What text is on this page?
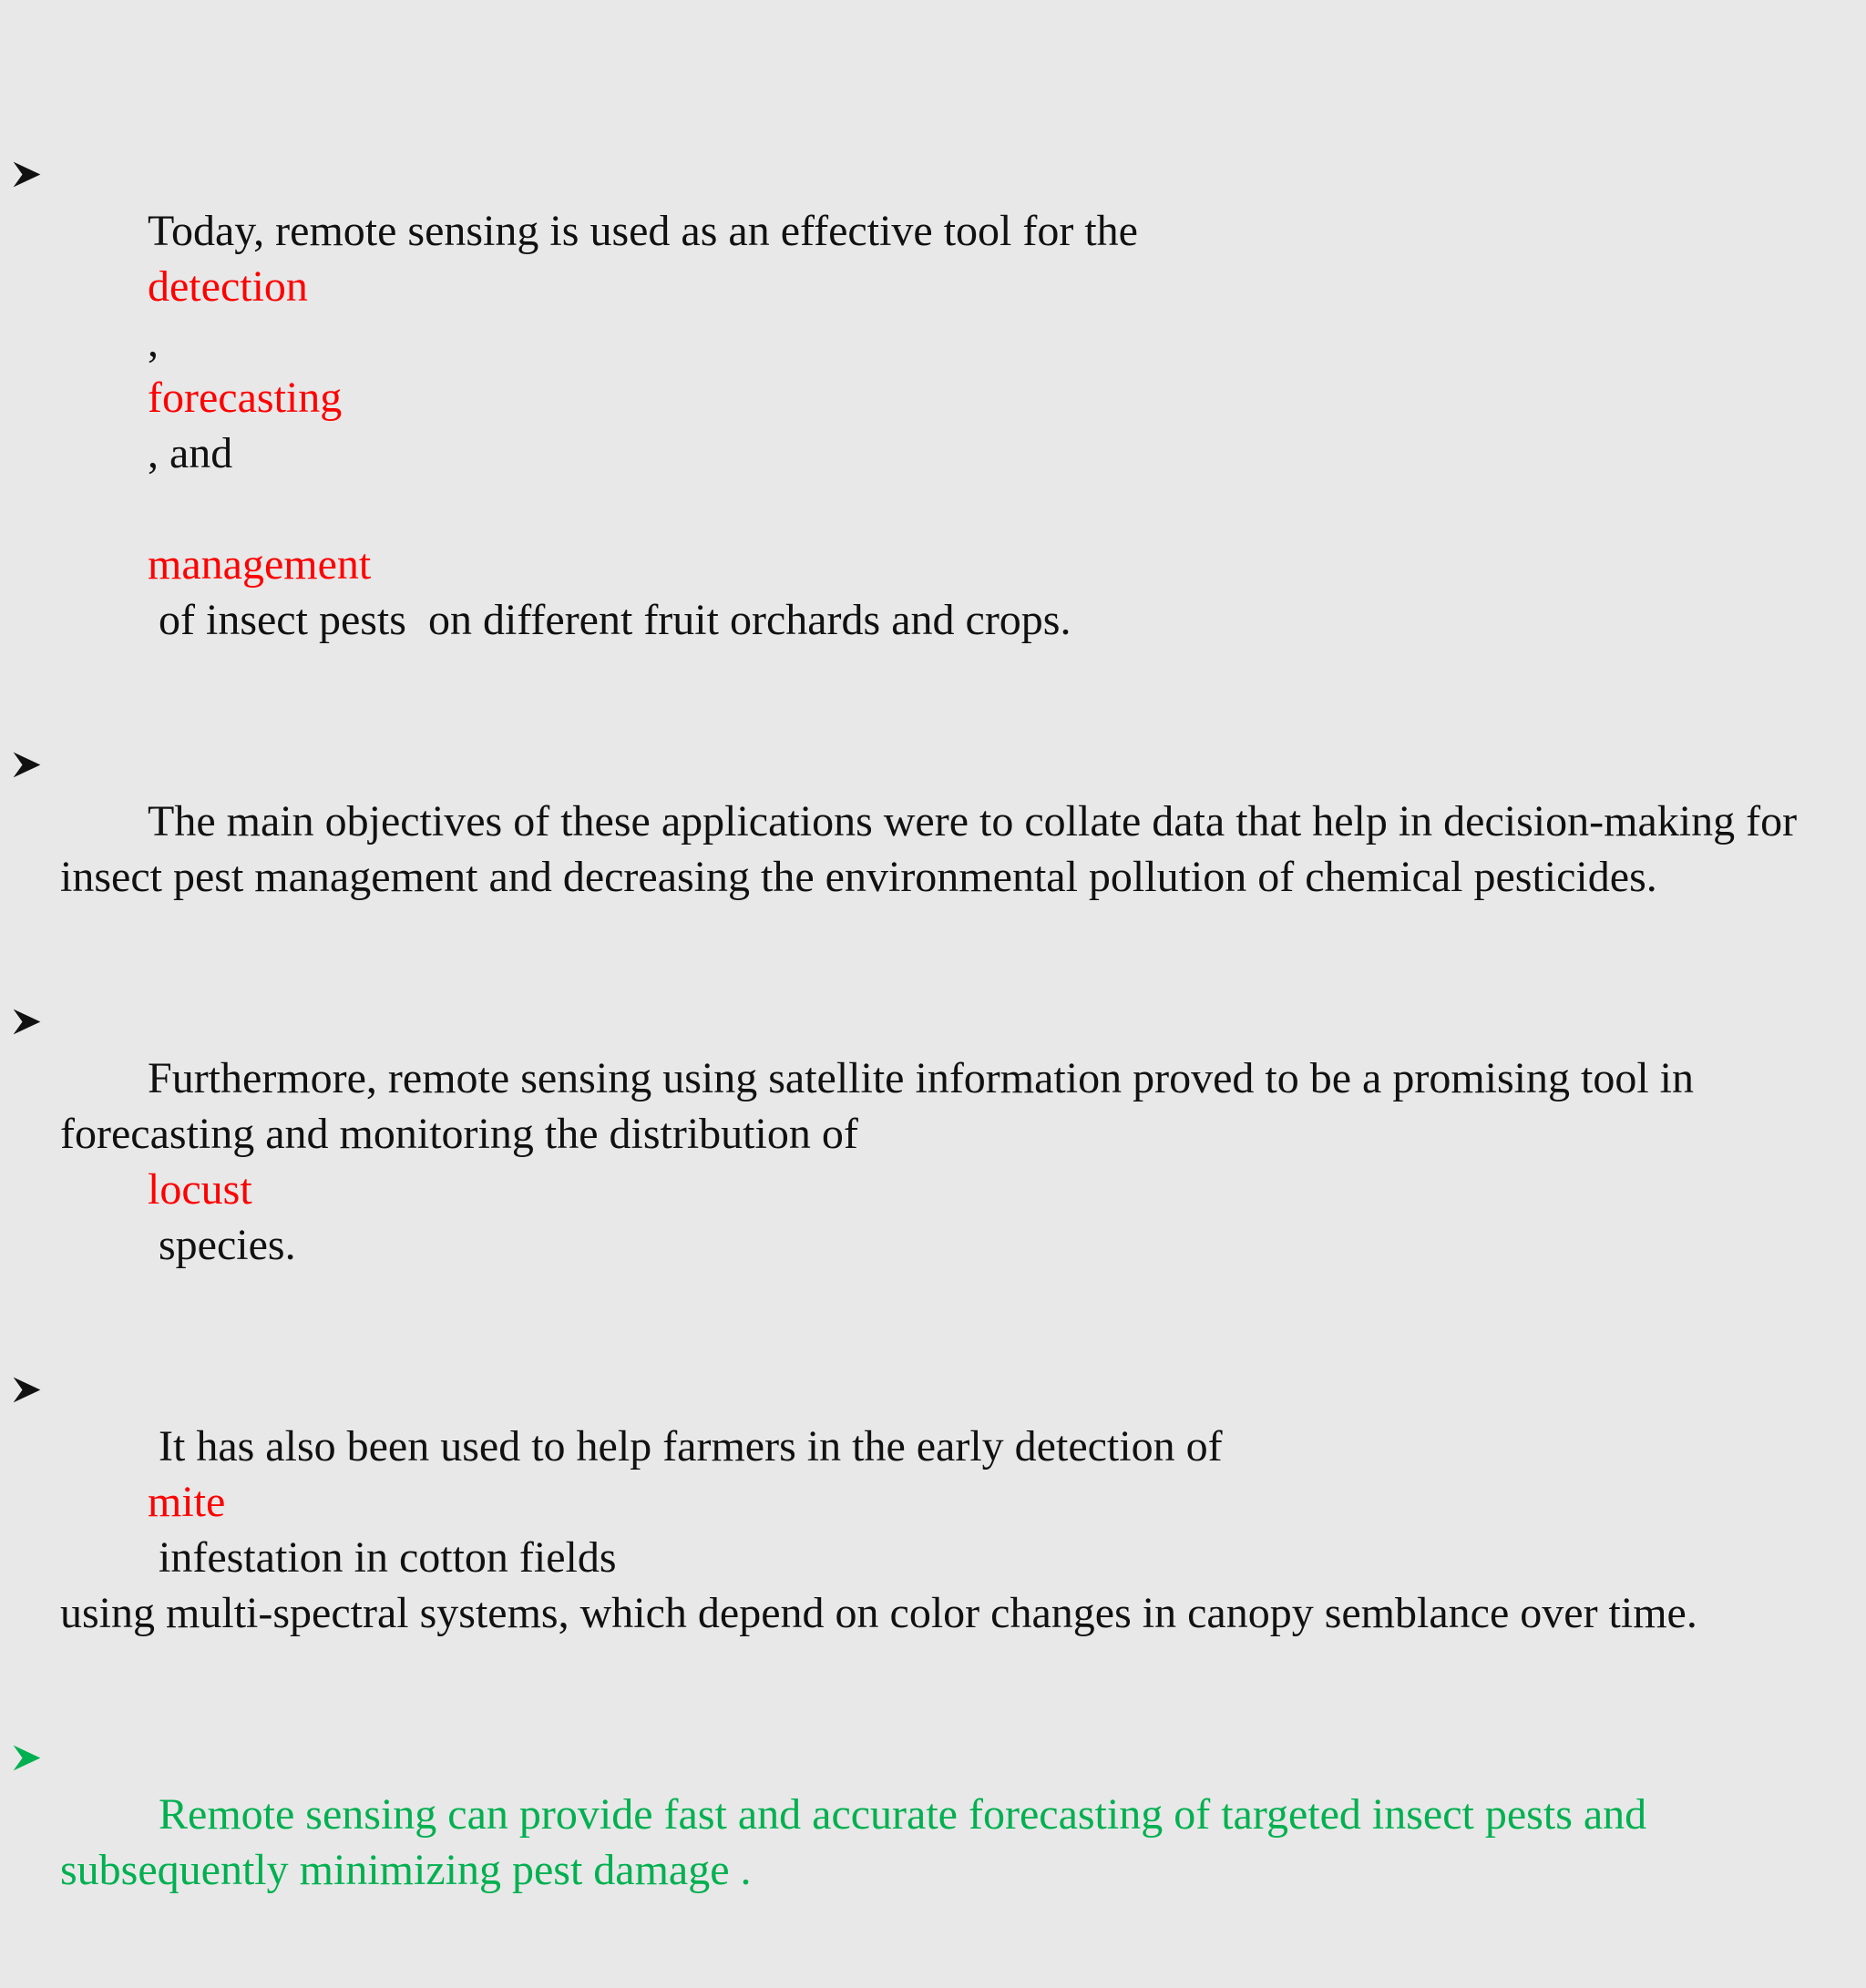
Today, remote sensing is used as an effective tool for the
detection
,
forecasting
, and

management
of insect pests  on different fruit orchards and crops.

The main objectives of these applications were to collate data that help in decision-making for
insect pest management and decreasing the environmental pollution of chemical pesticides.

Furthermore, remote sensing using satellite information proved to be a promising tool in
forecasting and monitoring the distribution of
locust
species.

It has also been used to help farmers in the early detection of
mite
infestation in cotton fields
using multi-spectral systems, which depend on color changes in canopy semblance over time.

Remote sensing can provide fast and accurate forecasting of targeted insect pests and
subsequently minimizing pest damage .
